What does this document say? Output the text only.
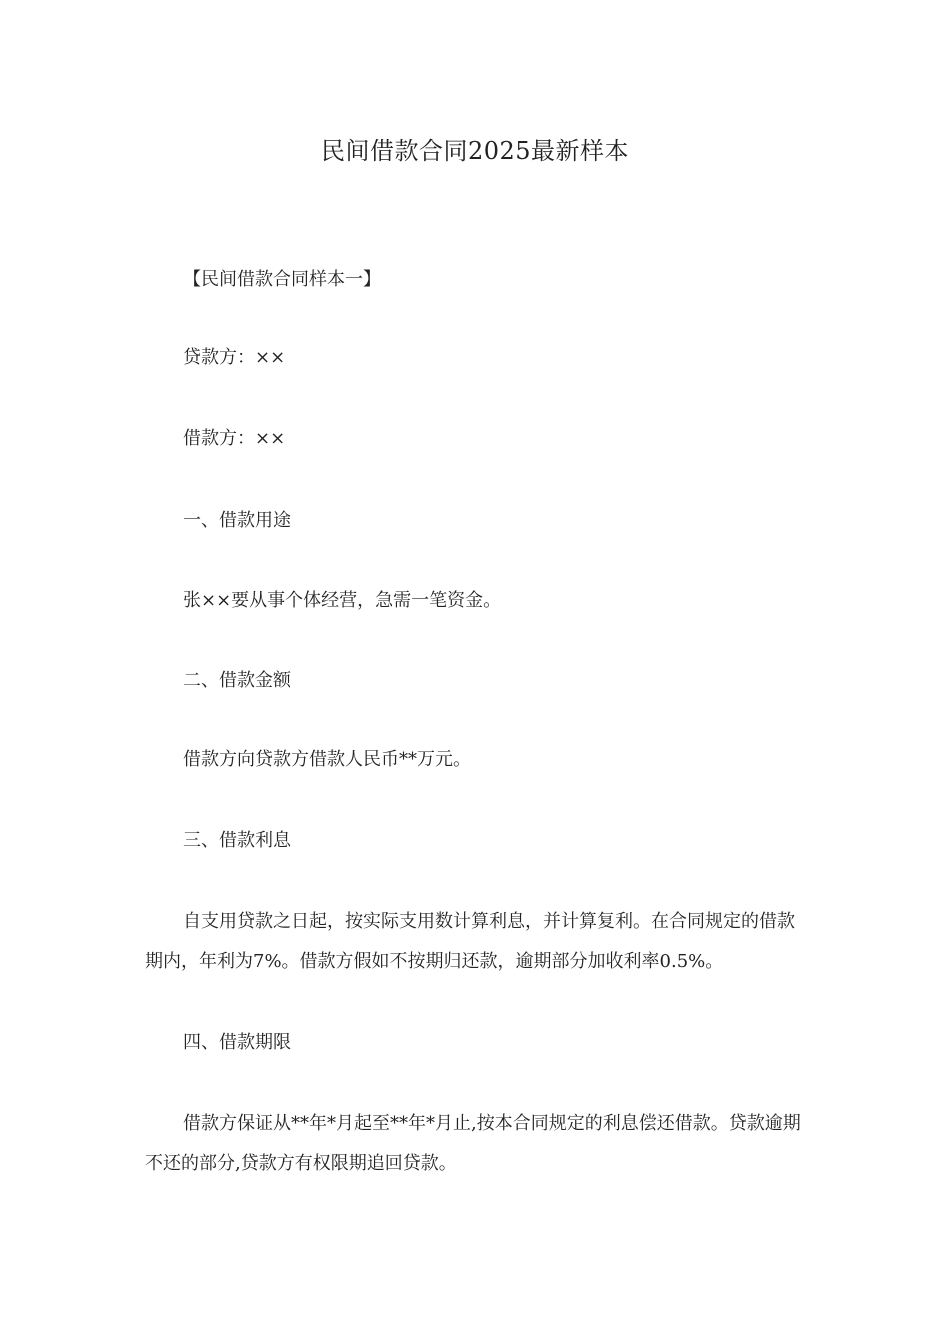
民间借款合同2025最新样本
【民间借款合同样本一】
贷款方：××
借款方：××
一、借款用途
张××要从事个体经营，急需一笔资金。
二、借款金额
借款方向贷款方借款人民币**万元。
三、借款利息
自支用贷款之日起，按实际支用数计算利息，并计算复利。在合同规定的借款期内，年利为7%。借款方假如不按期归还款，逾期部分加收利率0.5%。
四、借款期限
借款方保证从**年*月起至**年*月止,按本合同规定的利息偿还借款。贷款逾期不还的部分,贷款方有权限期追回贷款。
